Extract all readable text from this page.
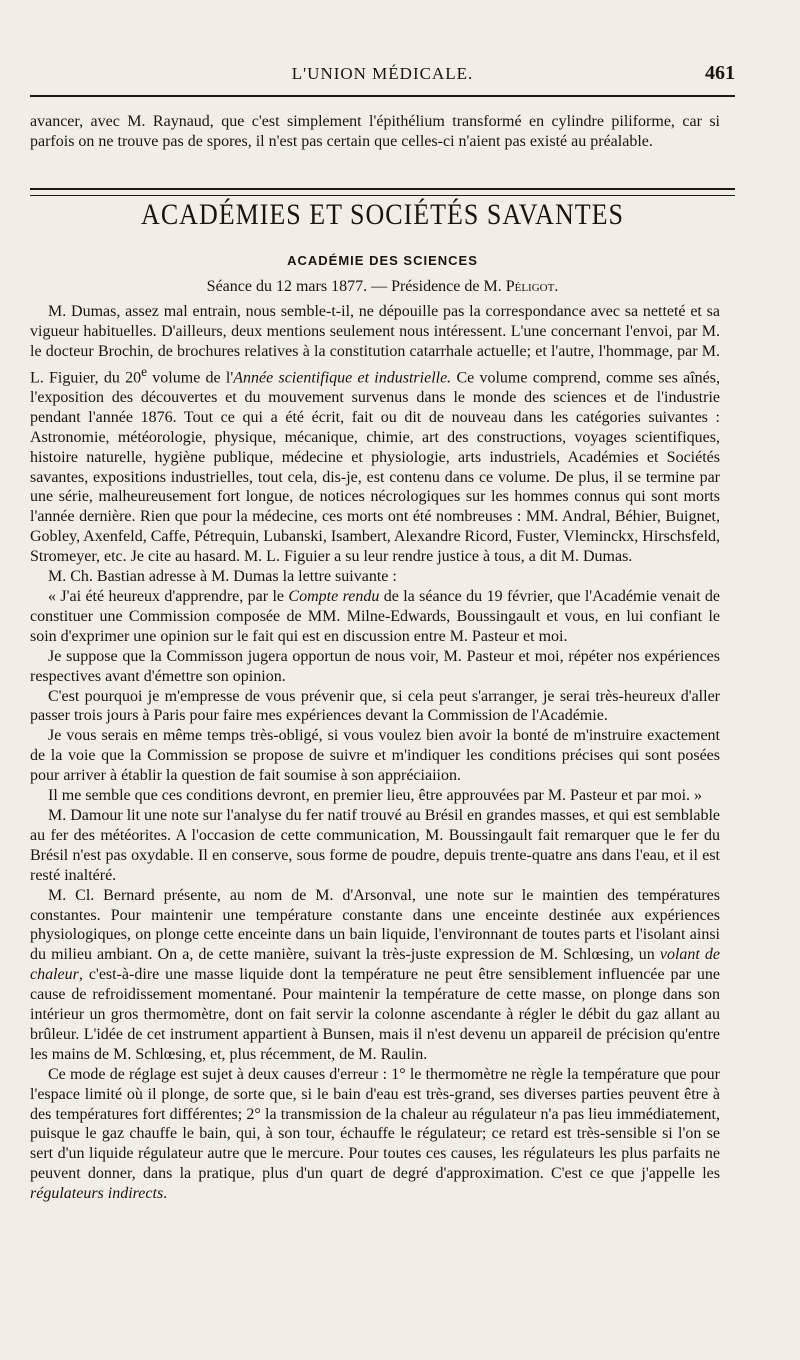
L'UNION MÉDICALE.	461

avancer, avec M. Raynaud, que c'est simplement l'épithélium transformé en cylindre piliforme, car si parfois on ne trouve pas de spores, il n'est pas certain que celles-ci n'aient pas existé au préalable.

ACADÉMIES ET SOCIÉTÉS SAVANTES
ACADÉMIE DES SCIENCES
Séance du 12 mars 1877. — Présidence de M. Péligot.

M. Dumas, assez mal entrain, nous semble-t-il, ne dépouille pas la correspondance avec sa netteté et sa vigueur habituelles. D'ailleurs, deux mentions seulement nous intéressent. L'une concernant l'envoi, par M. le docteur Brochin, de brochures relatives à la constitution catarrhale actuelle; et l'autre, l'hommage, par M. L. Figuier, du 20e volume de l'Année scientifique et industrielle. Ce volume comprend, comme ses aînés, l'exposition des découvertes et du mouvement survenus dans le monde des sciences et de l'industrie pendant l'année 1876. Tout ce qui a été écrit, fait ou dit de nouveau dans les catégories suivantes : Astronomie, météorologie, physique, mécanique, chimie, art des constructions, voyages scientifiques, histoire naturelle, hygiène publique, médecine et physiologie, arts industriels, Académies et Sociétés savantes, expositions industrielles, tout cela, dis-je, est contenu dans ce volume. De plus, il se termine par une série, malheureusement fort longue, de notices nécrologiques sur les hommes connus qui sont morts l'année dernière. Rien que pour la médecine, ces morts ont été nombreuses : MM. Andral, Béhier, Buignet, Gobley, Axenfeld, Caffe, Pétrequin, Lubanski, Isambert, Alexandre Ricord, Fuster, Vleminckx, Hirschsfeld, Stromeyer, etc. Je cite au hasard. M. L. Figuier a su leur rendre justice à tous, a dit M. Dumas.

M. Ch. Bastian adresse à M. Dumas la lettre suivante :

« J'ai été heureux d'apprendre, par le Compte rendu de la séance du 19 février, que l'Académie venait de constituer une Commission composée de MM. Milne-Edwards, Boussingault et vous, en lui confiant le soin d'exprimer une opinion sur le fait qui est en discussion entre M. Pasteur et moi.

Je suppose que la Commisson jugera opportun de nous voir, M. Pasteur et moi, répéter nos expériences respectives avant d'émettre son opinion.

C'est pourquoi je m'empresse de vous prévenir que, si cela peut s'arranger, je serai très-heureux d'aller passer trois jours à Paris pour faire mes expériences devant la Commission de l'Académie.

Je vous serais en même temps très-obligé, si vous voulez bien avoir la bonté de m'instruire exactement de la voie que la Commission se propose de suivre et m'indiquer les conditions précises qui sont posées pour arriver à établir la question de fait soumise à son appréciaiion.

Il me semble que ces conditions devront, en premier lieu, être approuvées par M. Pasteur et par moi. »

M. Damour lit une note sur l'analyse du fer natif trouvé au Brésil en grandes masses, et qui est semblable au fer des météorites. A l'occasion de cette communication, M. Boussingault fait remarquer que le fer du Brésil n'est pas oxydable. Il en conserve, sous forme de poudre, depuis trente-quatre ans dans l'eau, et il est resté inaltéré.

M. Cl. Bernard présente, au nom de M. d'Arsonval, une note sur le maintien des températures constantes. Pour maintenir une température constante dans une enceinte destinée aux expériences physiologiques, on plonge cette enceinte dans un bain liquide, l'environnant de toutes parts et l'isolant ainsi du milieu ambiant. On a, de cette manière, suivant la très-juste expression de M. Schlœsing, un volant de chaleur, c'est-à-dire une masse liquide dont la température ne peut être sensiblement influencée par une cause de refroidissement momentané. Pour maintenir la température de cette masse, on plonge dans son intérieur un gros thermomètre, dont on fait servir la colonne ascendante à régler le débit du gaz allant au brûleur. L'idée de cet instrument appartient à Bunsen, mais il n'est devenu un appareil de précision qu'entre les mains de M. Schlœsing, et, plus récemment, de M. Raulin.

Ce mode de réglage est sujet à deux causes d'erreur : 1° le thermomètre ne règle la température que pour l'espace limité où il plonge, de sorte que, si le bain d'eau est très-grand, ses diverses parties peuvent être à des températures fort différentes; 2° la transmission de la chaleur au régulateur n'a pas lieu immédiatement, puisque le gaz chauffe le bain, qui, à son tour, échauffe le régulateur; ce retard est très-sensible si l'on se sert d'un liquide régulateur autre que le mercure. Pour toutes ces causes, les régulateurs les plus parfaits ne peuvent donner, dans la pratique, plus d'un quart de degré d'approximation. C'est ce que j'appelle les régulateurs indirects.
